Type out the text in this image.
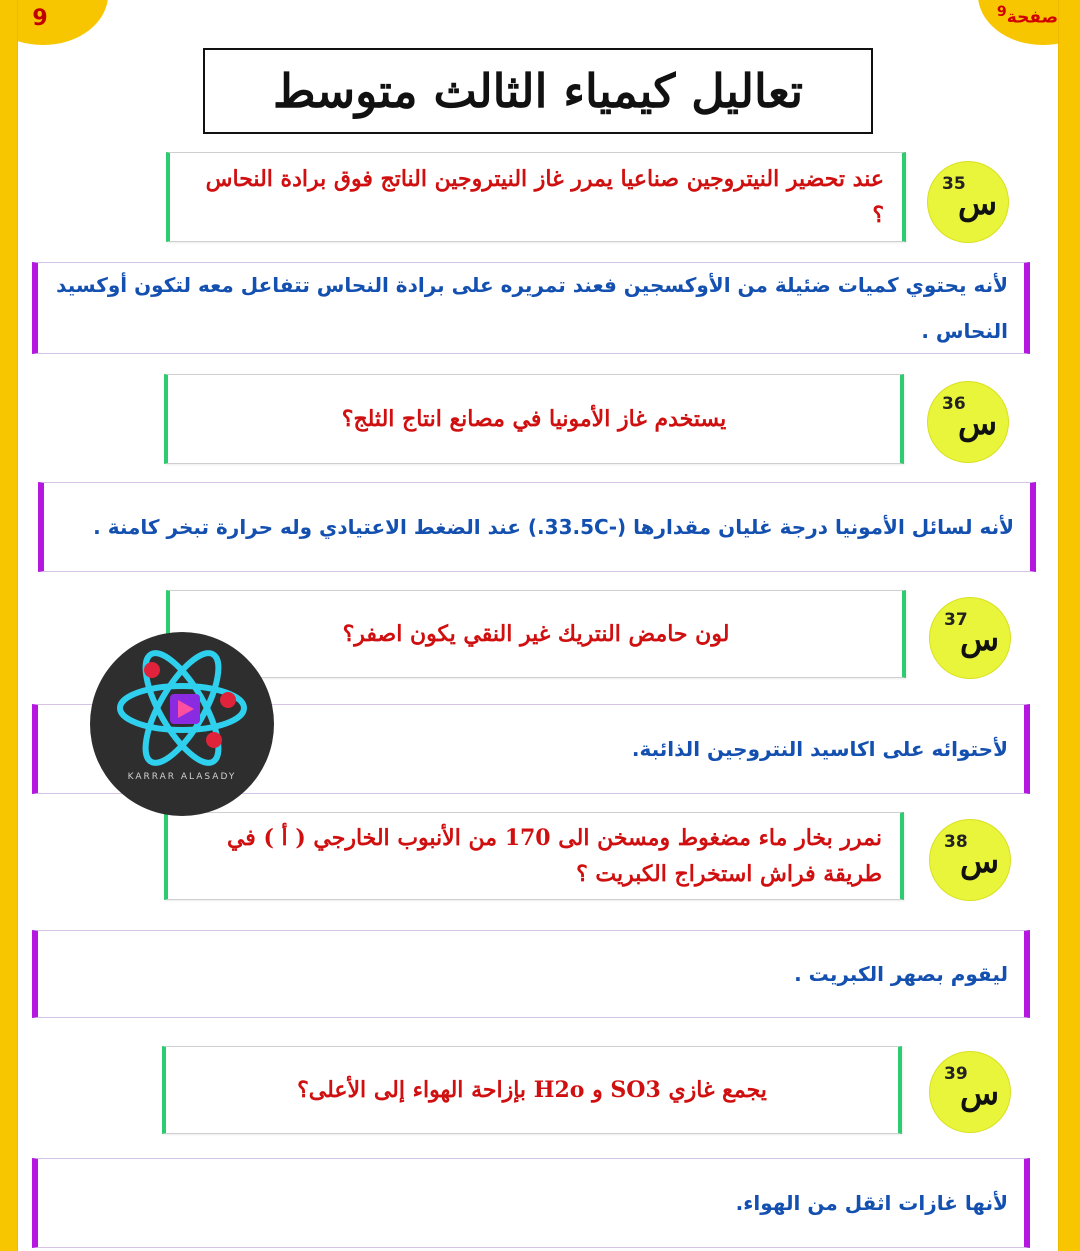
9	صفحة$^9$
تعاليل كيمياء الثالث متوسط
عند تحضير النيتروجين صناعيا يمرر غاز النيتروجين الناتج فوق برادة النحاس ؟
35
س
لأنه يحتوي كميات ضئيلة من الأوكسجين فعند تمريره على برادة النحاس تتفاعل معه لتكون أوكسيد النحاس .
يستخدم غاز الأمونيا في مصانع انتاج الثلج؟
36
س
لأنه لسائل الأمونيا درجة غليان مقدارها (-33.5C.) عند الضغط الاعتيادي وله حرارة تبخر كامنة .
لون حامض النتريك غير النقي يكون اصفر؟
37
س
لأحتوائه على اكاسيد النتروجين الذائبة.
نمرر بخار ماء مضغوط ومسخن الى 170 من الأنبوب الخارجي ( أ ) في طريقة فراش استخراج الكبريت ؟
38
س
ليقوم بصهر الكبريت .
يجمع غازي SO3 و H2o بإزاحة الهواء إلى الأعلى؟
39
س
لأنها غازات اثقل من الهواء.
KARRAR ALASADY
